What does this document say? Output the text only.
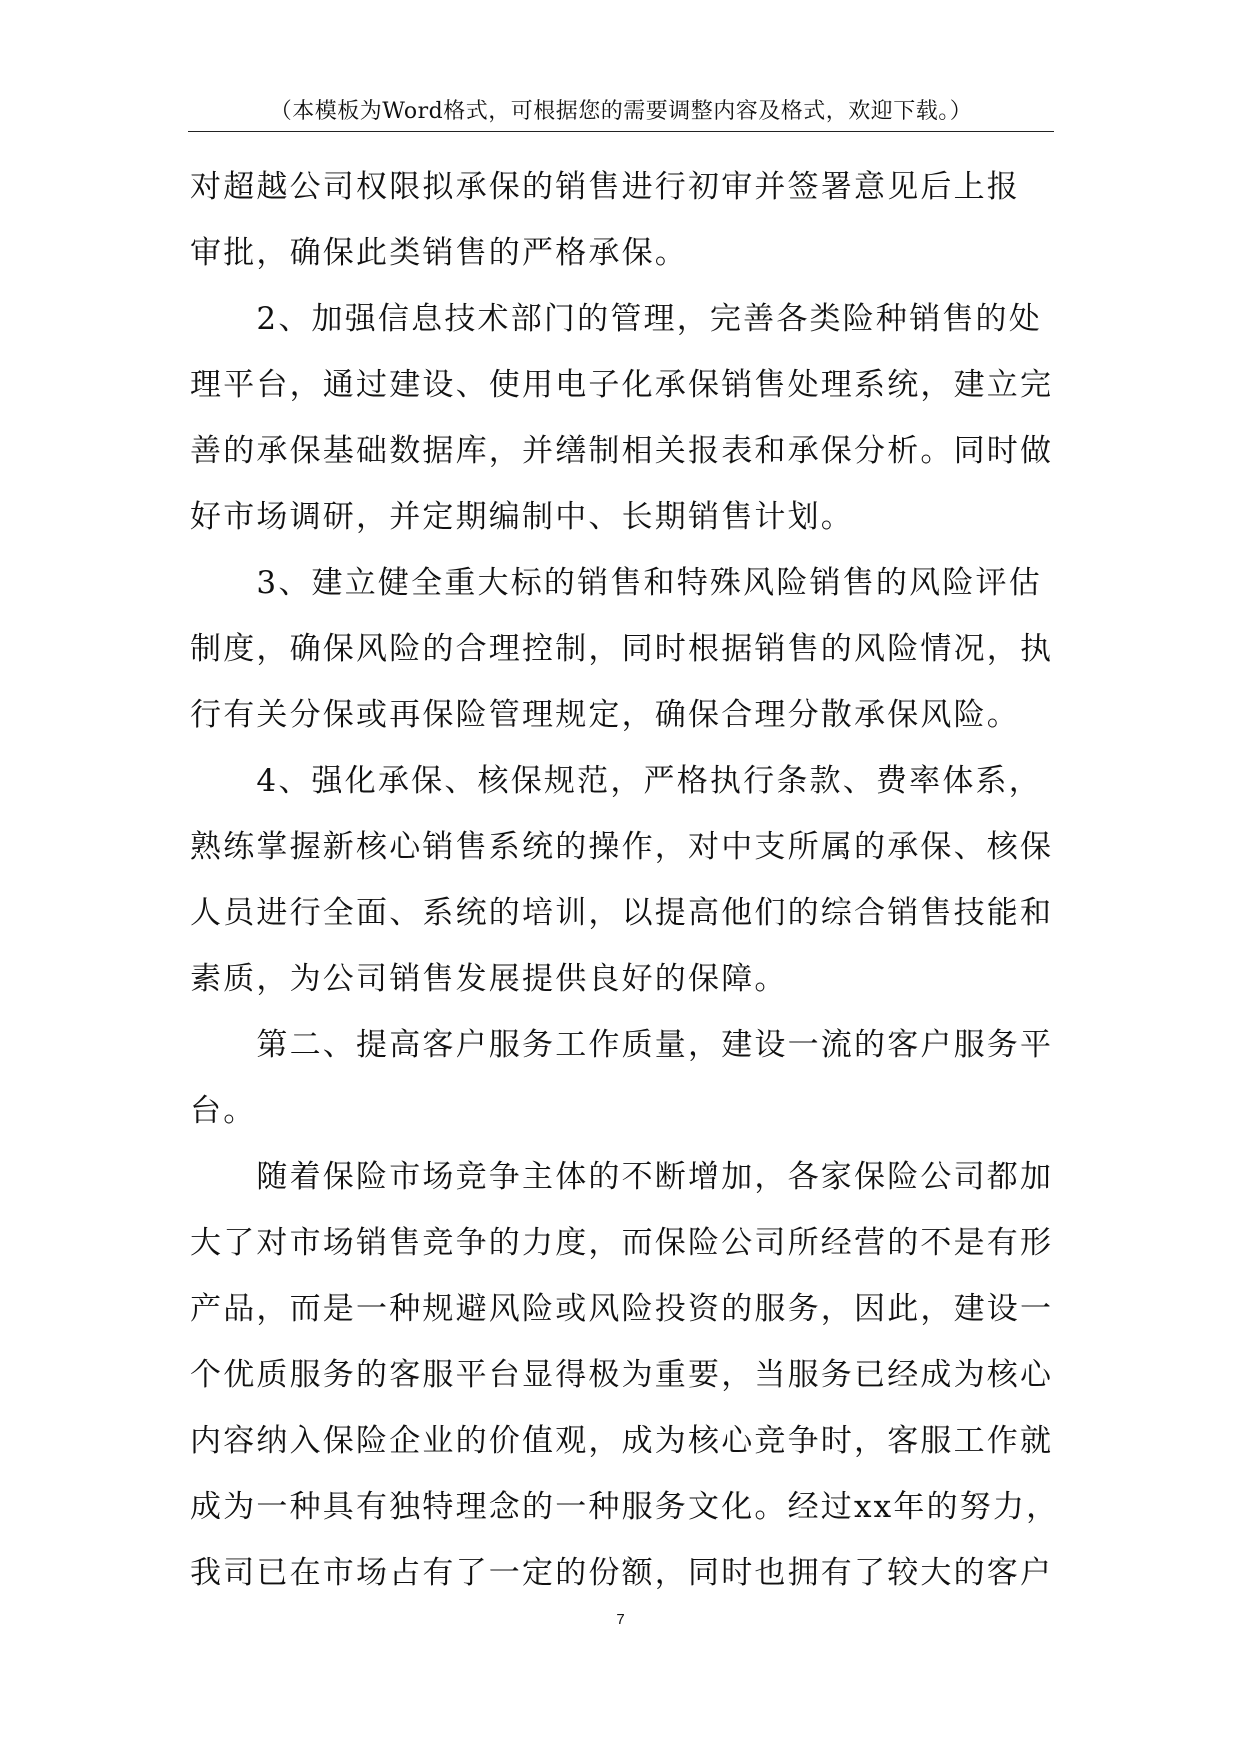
（本模板为Word格式，可根据您的需要调整内容及格式，欢迎下载。）
对超越公司权限拟承保的销售进行初审并签署意见后上报
审批，确保此类销售的严格承保。
　　2、加强信息技术部门的管理，完善各类险种销售的处
理平台，通过建设、使用电子化承保销售处理系统，建立完
善的承保基础数据库，并缮制相关报表和承保分析。同时做
好市场调研，并定期编制中、长期销售计划。
　　3、建立健全重大标的销售和特殊风险销售的风险评估
制度，确保风险的合理控制，同时根据销售的风险情况，执
行有关分保或再保险管理规定，确保合理分散承保风险。
　　4、强化承保、核保规范，严格执行条款、费率体系，
熟练掌握新核心销售系统的操作，对中支所属的承保、核保
人员进行全面、系统的培训，以提高他们的综合销售技能和
素质，为公司销售发展提供良好的保障。
　　第二、提高客户服务工作质量，建设一流的客户服务平
台。
　　随着保险市场竞争主体的不断增加，各家保险公司都加
大了对市场销售竞争的力度，而保险公司所经营的不是有形
产品，而是一种规避风险或风险投资的服务，因此，建设一
个优质服务的客服平台显得极为重要，当服务已经成为核心
内容纳入保险企业的价值观，成为核心竞争时，客服工作就
成为一种具有独特理念的一种服务文化。经过xx年的努力，
我司已在市场占有了一定的份额，同时也拥有了较大的客户
7
